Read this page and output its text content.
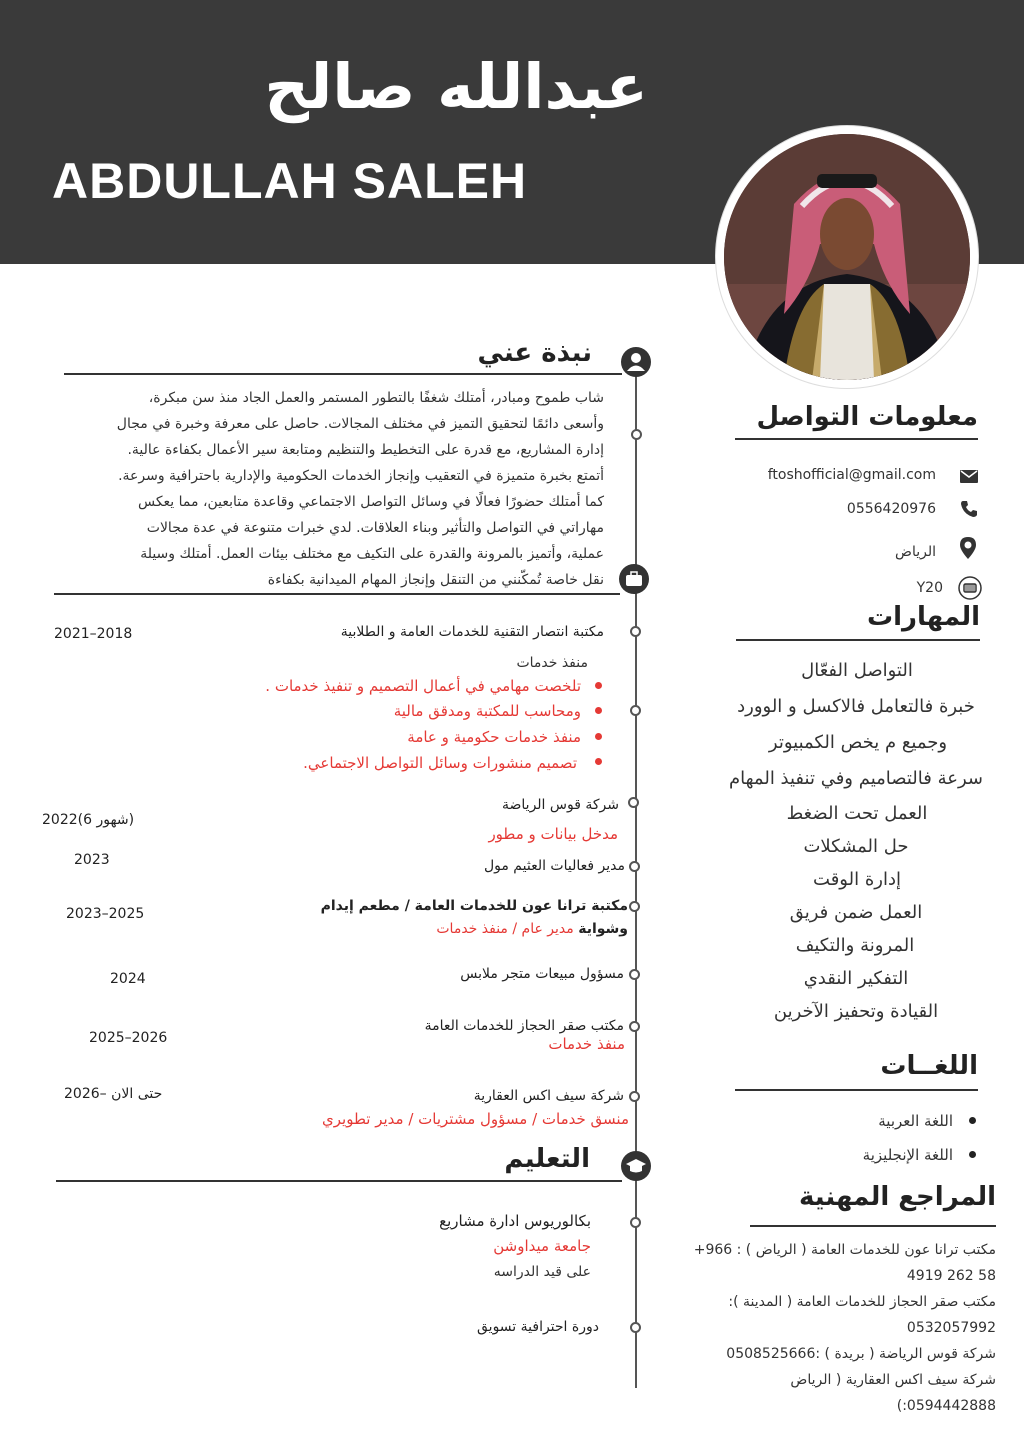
عبدالله صالح
ABDULLAH SALEH
نبذة عني
شاب طموح ومبادر، أمتلك شغفًا بالتطور المستمر والعمل الجاد منذ سن مبكرة،
وأسعى دائمًا لتحقيق التميز في مختلف المجالات. حاصل على معرفة وخبرة في مجال
إدارة المشاريع، مع قدرة على التخطيط والتنظيم ومتابعة سير الأعمال بكفاءة عالية.
أتمتع بخبرة متميزة في التعقيب وإنجاز الخدمات الحكومية والإدارية باحترافية وسرعة.
كما أمتلك حضورًا فعالًا في وسائل التواصل الاجتماعي وقاعدة متابعين، مما يعكس
مهاراتي في التواصل والتأثير وبناء العلاقات. لدي خبرات متنوعة في عدة مجالات
عملية، وأتميز بالمرونة والقدرة على التكيف مع مختلف بيئات العمل. أمتلك وسيلة
نقل خاصة تُمكّنني من التنقل وإنجاز المهام الميدانية بكفاءة
مكتبة انتصار التقنية للخدمات العامة و الطلابية
2021–2018
منفذ خدمات
تلخصت مهامي في أعمال التصميم و تنفيذ خدمات .
ومحاسب للمكتبة ومدقق مالية
منفذ خدمات حكومية و عامة
تصميم منشورات وسائل التواصل الاجتماعي.
شركة قوس الرياضة
مدخل بيانات و مطور
2022(6 شهور)
2023	مدير فعاليات العثيم مول
مكتبة ترانا عون للخدمات العامة / مطعم إيدام
وشواية مدير عام / منفذ خدمات
2023–2025
2024	مسؤول مبيعات متجر ملابس
مكتب صقر الحجاز للخدمات العامة
منفذ خدمات
2025–2026
شركة سيف اكس العقارية
منسق خدمات / مسؤول مشتريات / مدير تطويري
حتى الان –2026
التعليم
بكالوريوس ادارة مشاريع
جامعة ميداوشن
على قيد الدراسه
دورة احترافية تسويق
معلومات التواصل
ftoshofficial@gmail.com
0556420976
الرياض
Y20
المهارات
التواصل الفعّال
خبرة فالتعامل فالاكسل و الوورد
وجميع م يخص الكمبيوتر
سرعة فالتصاميم وفي تنفيذ المهام
العمل تحت الضغط
حل المشكلات
إدارة الوقت
العمل ضمن فريق
المرونة والتكيف
التفكير النقدي
القيادة وتحفيز الآخرين
اللغــات
اللغة العربية
اللغة الإنجليزية
المراجع المهنية
مكتب ترانا عون للخدمات العامة ( الرياض ) : 966+
58 262 4919
مكتب صقر الحجاز للخدمات العامة ( المدينة ):
0532057992
شركة قوس الرياضة ( بريدة ) :0508525666
شركة سيف اكس العقارية ( الرياض
0594442888:)
